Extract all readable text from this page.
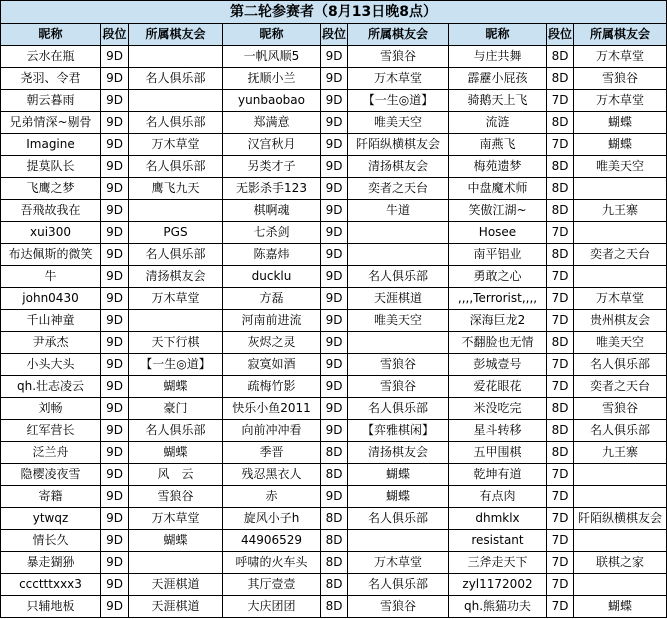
第二轮参赛者（8月13日晚8点）								
昵称	段位	所属棋友会	昵称	段位	所属棋友会	昵称	段位	所属棋友会
云水在瓶	9D		一帆风顺5	9D	雪狼谷	与庄共舞	8D	万木草堂
尧羽、令君	9D	名人俱乐部	抚顺小兰	9D	万木草堂	霹靂小屁孩	8D	雪狼谷
朝云暮雨	9D		yunbaobao	9D	【一生◎道】	骑鹅天上飞	7D	万木草堂
兄弟情深~剔骨	9D	名人俱乐部	郑满意	9D	唯美天空	流涟	8D	蝴蝶
Imagine	9D	万木草堂	汉宫秋月	9D	阡陌纵横棋友会	南燕飞	7D	蝴蝶
提莫队长	9D	名人俱乐部	另类才子	9D	清扬棋友会	梅苑遗梦	8D	唯美天空
飞鹰之梦	9D	鹰飞九天	无影杀手123	9D	奕者之天台	中盘魔术师	8D	
吾飛故我在	9D		棋啊魂	9D	牛道	笑傲江湖~	8D	九王寨
xui300	9D	PGS	七杀剑	9D		Hosee	7D	
布达佩斯的微笑	9D	名人俱乐部	陈嘉炜	9D		南平铝业	8D	奕者之天台
牛	9D	清扬棋友会	ducklu	9D	名人俱乐部	勇敢之心	7D	
john0430	9D	万木草堂	方磊	9D	天涯棋道	,,,,Terrorist,,,,	7D	万木草堂
千山神童	9D		河南前进流	9D	唯美天空	深海巨龙2	7D	贵州棋友会
尹承杰	9D	天下行棋	灰烬之灵	9D		不翻脸也无情	8D	唯美天空
小头大头	9D	【一生◎道】	寂寞如酒	9D	雪狼谷	彭城壹号	7D	名人俱乐部
qh.壮志凌云	9D	蝴蝶	疏梅竹影	9D	雪狼谷	爱花眼花	7D	奕者之天台
刘畅	9D	豪门	快乐小鱼2011	9D	名人俱乐部	米没吃完	8D	雪狼谷
红军营长	9D	名人俱乐部	向前冲冲看	9D	【弈雅棋闲】	星斗转移	8D	名人俱乐部
泛兰舟	9D	蝴蝶	季晋	8D	清扬棋友会	五甲围棋	8D	九王寨
隐樱凌夜雪	9D	风　云	残忍黑衣人	8D	蝴蝶	乾坤有道	7D	
寄籍	9D	雪狼谷	赤	9D	蝴蝶	有点肉	7D	
ytwqz	9D	万木草堂	旋风小子h	8D	名人俱乐部	dhmklx	7D	阡陌纵横棋友会
情长久	9D	蝴蝶	44906529	8D		resistant	7D	
暴走猢狲	9D		呼啸的火车头	8D	万木草堂	三斧走天下	7D	联棋之家
ccctttxxx3	9D	天涯棋道	其厅壹壹	8D	名人俱乐部	zyl1172002	7D	
只辅地板	9D	天涯棋道	大庆团团	8D	雪狼谷	qh.熊猫功夫	7D	蝴蝶
